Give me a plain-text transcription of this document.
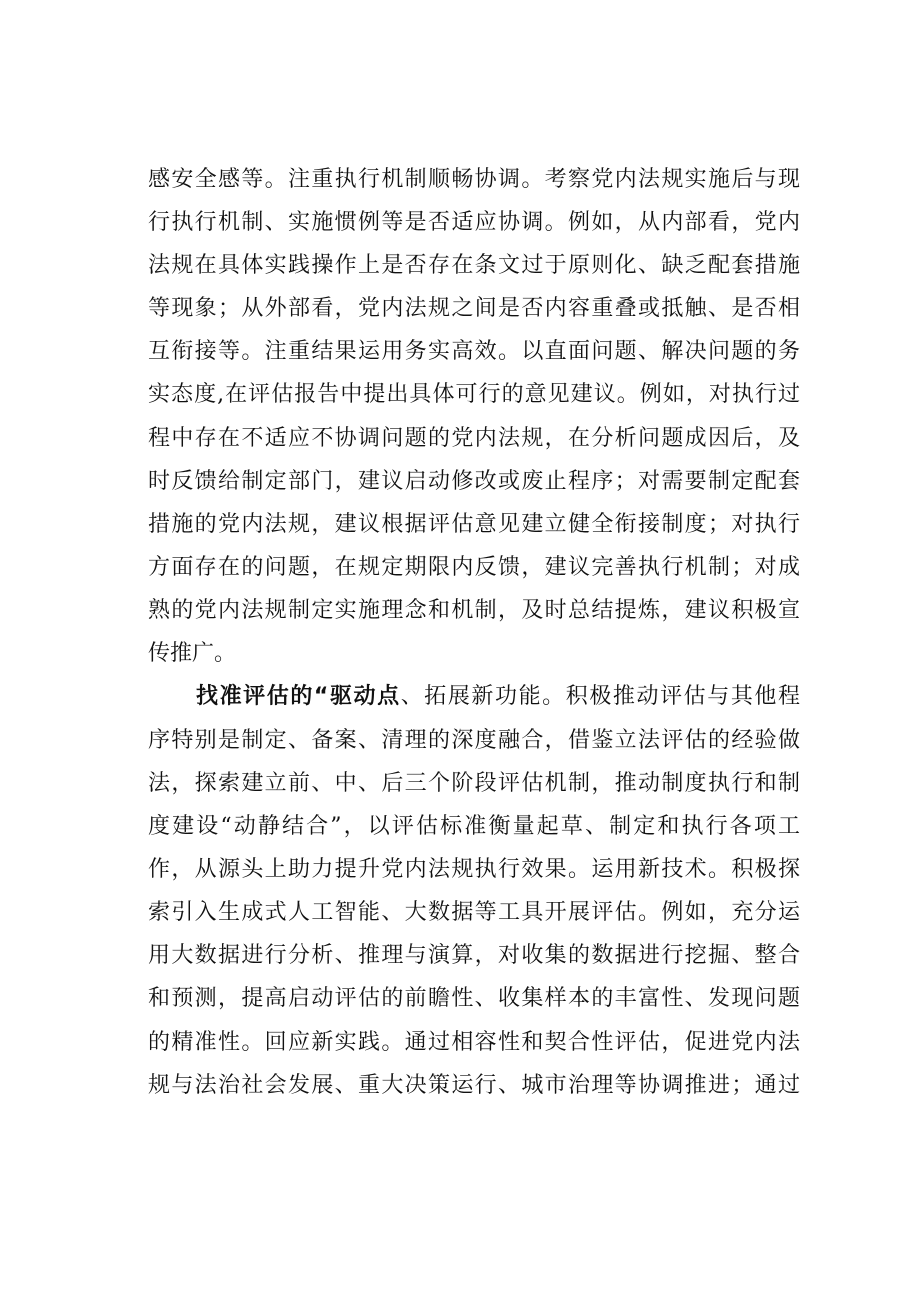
感安全感等。注重执行机制顺畅协调。考察党内法规实施后与现
行执行机制、实施惯例等是否适应协调。例如，从内部看，党内
法规在具体实践操作上是否存在条文过于原则化、缺乏配套措施
等现象；从外部看，党内法规之间是否内容重叠或抵触、是否相
互衔接等。注重结果运用务实高效。以直面问题、解决问题的务
实态度,在评估报告中提出具体可行的意见建议。例如，对执行过
程中存在不适应不协调问题的党内法规，在分析问题成因后，及
时反馈给制定部门，建议启动修改或废止程序；对需要制定配套
措施的党内法规，建议根据评估意见建立健全衔接制度；对执行
方面存在的问题，在规定期限内反馈，建议完善执行机制；对成
熟的党内法规制定实施理念和机制，及时总结提炼，建议积极宣
传推广。
找准评估的“驱动点、拓展新功能。积极推动评估与其他程
序特别是制定、备案、清理的深度融合，借鉴立法评估的经验做
法，探索建立前、中、后三个阶段评估机制，推动制度执行和制
度建设“动静结合”，以评估标准衡量起草、制定和执行各项工
作，从源头上助力提升党内法规执行效果。运用新技术。积极探
索引入生成式人工智能、大数据等工具开展评估。例如，充分运
用大数据进行分析、推理与演算，对收集的数据进行挖掘、整合
和预测，提高启动评估的前瞻性、收集样本的丰富性、发现问题
的精准性。回应新实践。通过相容性和契合性评估，促进党内法
规与法治社会发展、重大决策运行、城市治理等协调推进；通过
